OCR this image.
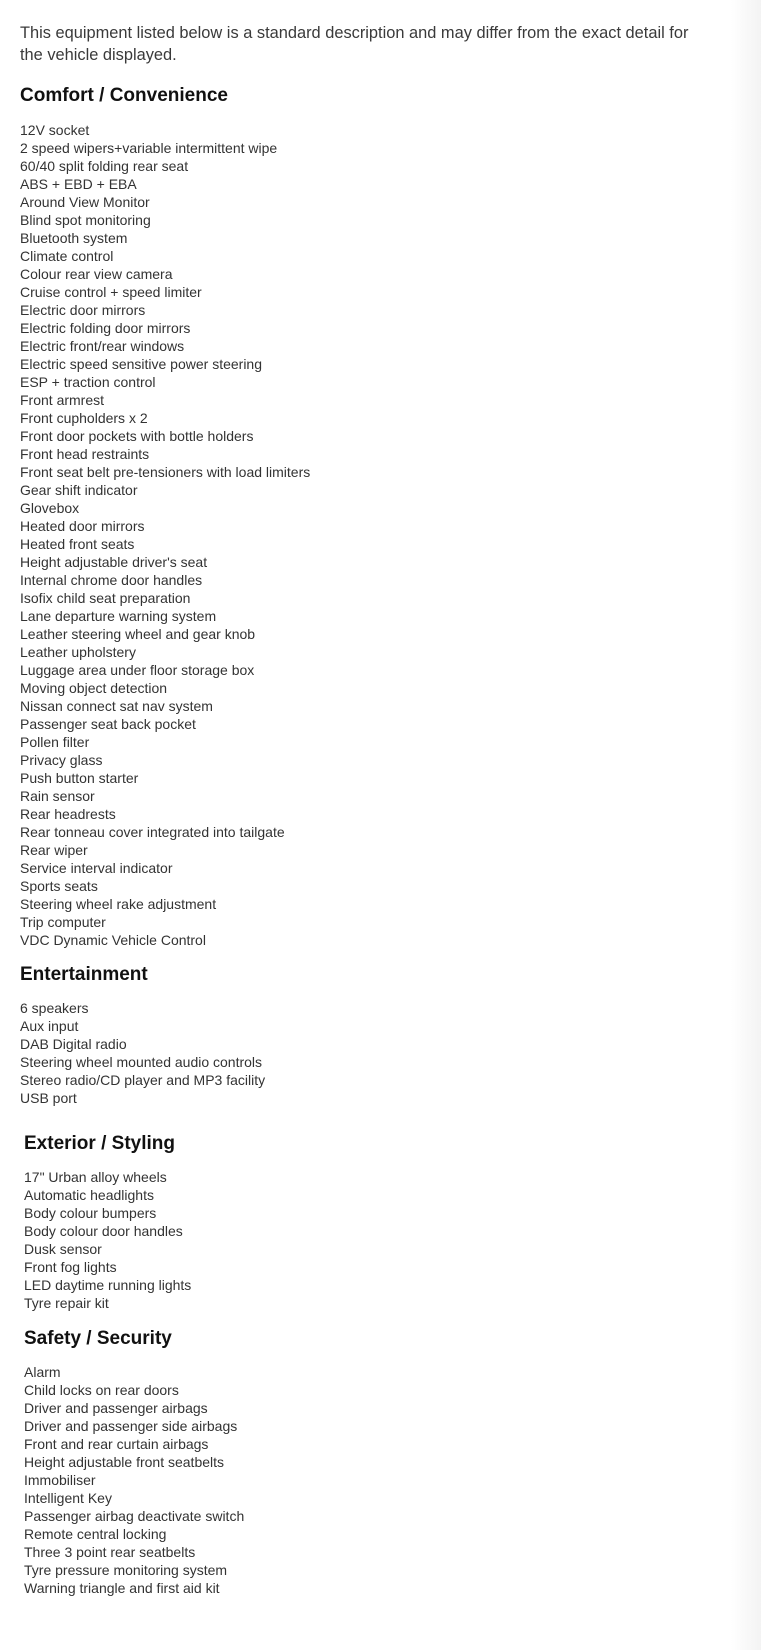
This equipment listed below is a standard description and may differ from the exact detail for the vehicle displayed.

Comfort / Convenience
12V socket
2 speed wipers+variable intermittent wipe
60/40 split folding rear seat
ABS + EBD + EBA
Around View Monitor
Blind spot monitoring
Bluetooth system
Climate control
Colour rear view camera
Cruise control + speed limiter
Electric door mirrors
Electric folding door mirrors
Electric front/rear windows
Electric speed sensitive power steering
ESP + traction control
Front armrest
Front cupholders x 2
Front door pockets with bottle holders
Front head restraints
Front seat belt pre-tensioners with load limiters
Gear shift indicator
Glovebox
Heated door mirrors
Heated front seats
Height adjustable driver's seat
Internal chrome door handles
Isofix child seat preparation
Lane departure warning system
Leather steering wheel and gear knob
Leather upholstery
Luggage area under floor storage box
Moving object detection
Nissan connect sat nav system
Passenger seat back pocket
Pollen filter
Privacy glass
Push button starter
Rain sensor
Rear headrests
Rear tonneau cover integrated into tailgate
Rear wiper
Service interval indicator
Sports seats
Steering wheel rake adjustment
Trip computer
VDC Dynamic Vehicle Control
Entertainment
6 speakers
Aux input
DAB Digital radio
Steering wheel mounted audio controls
Stereo radio/CD player and MP3 facility
USB port
Exterior / Styling
17" Urban alloy wheels
Automatic headlights
Body colour bumpers
Body colour door handles
Dusk sensor
Front fog lights
LED daytime running lights
Tyre repair kit
Safety / Security
Alarm
Child locks on rear doors
Driver and passenger airbags
Driver and passenger side airbags
Front and rear curtain airbags
Height adjustable front seatbelts
Immobiliser
Intelligent Key
Passenger airbag deactivate switch
Remote central locking
Three 3 point rear seatbelts
Tyre pressure monitoring system
Warning triangle and first aid kit
